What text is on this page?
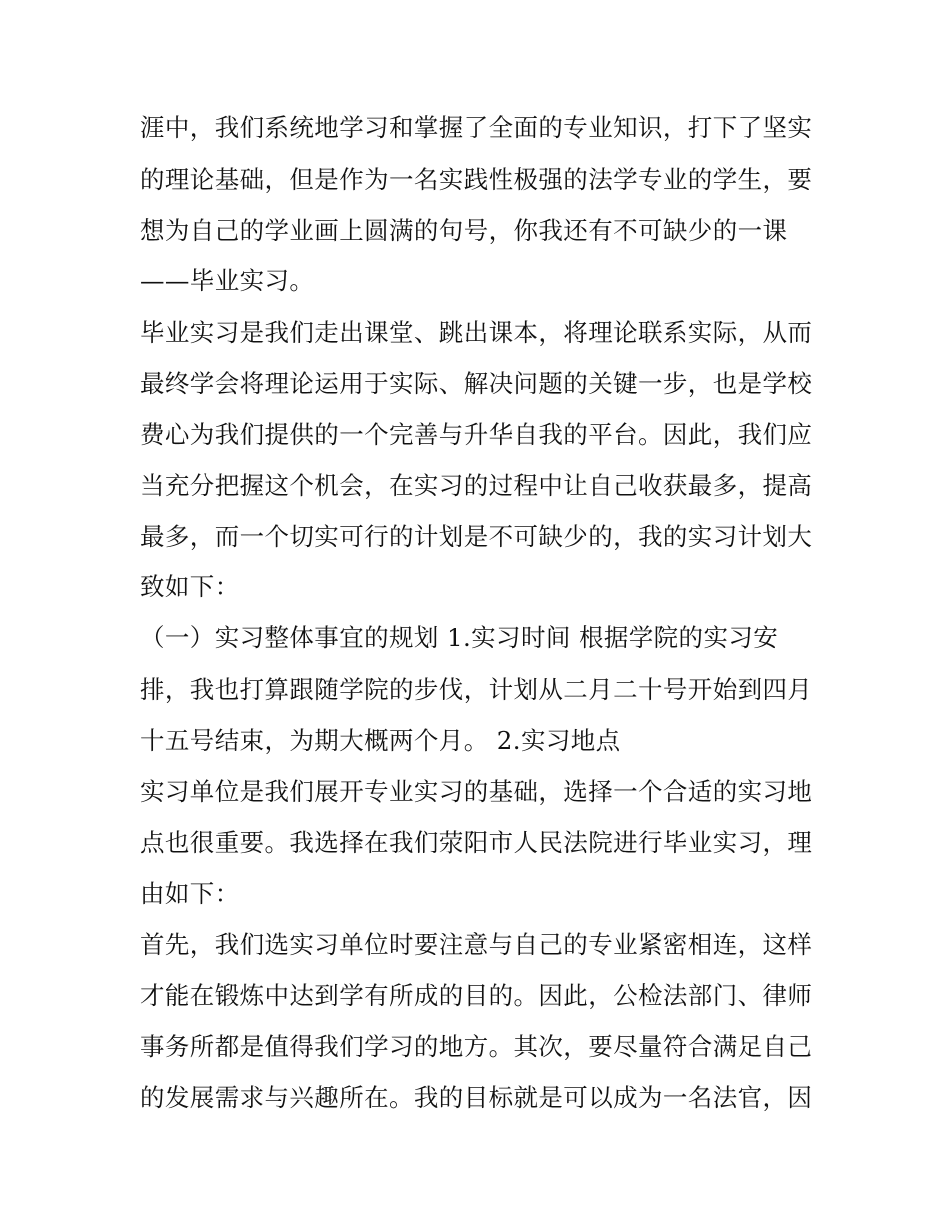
涯中，我们系统地学习和掌握了全面的专业知识，打下了坚实
的理论基础，但是作为一名实践性极强的法学专业的学生，要
想为自己的学业画上圆满的句号，你我还有不可缺少的一课
——毕业实习。
毕业实习是我们走出课堂、跳出课本，将理论联系实际，从而
最终学会将理论运用于实际、解决问题的关键一步，也是学校
费心为我们提供的一个完善与升华自我的平台。因此，我们应
当充分把握这个机会，在实习的过程中让自己收获最多，提高
最多，而一个切实可行的计划是不可缺少的，我的实习计划大
致如下：
（一）实习整体事宜的规划 1.实习时间 根据学院的实习安
排，我也打算跟随学院的步伐，计划从二月二十号开始到四月
十五号结束，为期大概两个月。 2.实习地点
实习单位是我们展开专业实习的基础，选择一个合适的实习地
点也很重要。我选择在我们荥阳市人民法院进行毕业实习，理
由如下：
首先，我们选实习单位时要注意与自己的专业紧密相连，这样
才能在锻炼中达到学有所成的目的。因此，公检法部门、律师
事务所都是值得我们学习的地方。其次，要尽量符合满足自己
的发展需求与兴趣所在。我的目标就是可以成为一名法官，因
